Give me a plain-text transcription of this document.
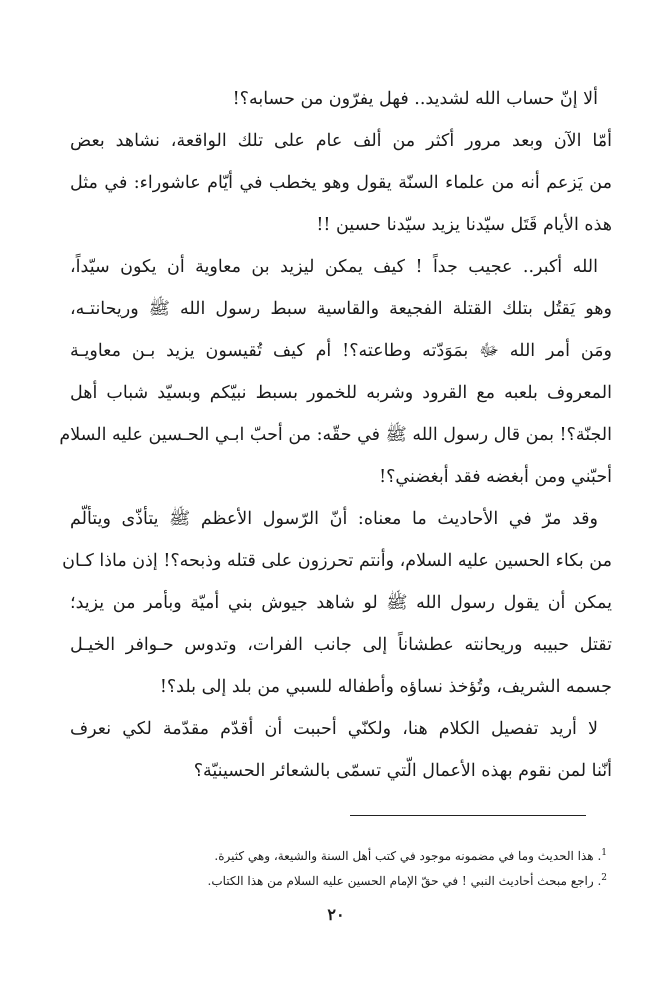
ألا إنّ حساب الله لشديد.. فهل يفرّون من حسابه؟!
أمّا الآن وبعد مرور أكثر من ألف عام على تلك الواقعة، نشاهد بعض
من يَزعم أنه من علماء السنّة يقول وهو يخطب في أيّام عاشوراء: في مثل
هذه الأيام قَتَل سيّدنا يزيد سيّدنا حسين !!
الله أكبر.. عجيب جداً ! كيف يمكن ليزيد بن معاوية أن يكون سيّداً،
وهو يَقتُل بتلك القتلة الفجيعة والقاسية سبط رسول الله ﷺ وريحانتـه،
ومَن أمر الله ﷻ بمَوَدّته وطاعته؟! أم كيف تُقيسون يزيد بـن معاويـة
المعروف بلعبه مع القرود وشربه للخمور بسبط نبيّكم وبسيّد شباب أهل
الجنّة؟! بمن قال رسول الله ﷺ في حقّه: من أحبّ ابـي الحـسين عليه السلام
أحبّني ومن أبغضه فقد أبغضني؟!
وقد مرّ في الأحاديث ما معناه: أنّ الرّسول الأعظم ﷺ يتأذّى ويتألّم
من بكاء الحسين عليه السلام، وأنتم تحرزون على قتله وذبحه؟! إذن ماذا كـان
يمكن أن يقول رسول الله ﷺ لو شاهد جيوش بني أميّة وبأمر من يزيد؛
تقتل حبيبه وريحانته عطشاناً إلى جانب الفرات، وتدوس حـوافر الخيـل
جسمه الشريف، وتُؤخذ نساؤه وأطفاله للسبي من بلد إلى بلد؟!
لا أريد تفصيل الكلام هنا، ولكنّي أحببت أن أقدّم مقدّمة لكي نعرف
أنّنا لمن نقوم بهذه الأعمال الّتي تسمّى بالشعائر الحسينيّة؟
$^1$. هذا الحديث وما في مضمونه موجود في كتب أهل السنة والشيعة، وهي كثيرة.
$^2$. راجع مبحث أحاديث النبي ! في حقّ الإمام الحسين عليه السلام من هذا الكتاب.
٢٠
